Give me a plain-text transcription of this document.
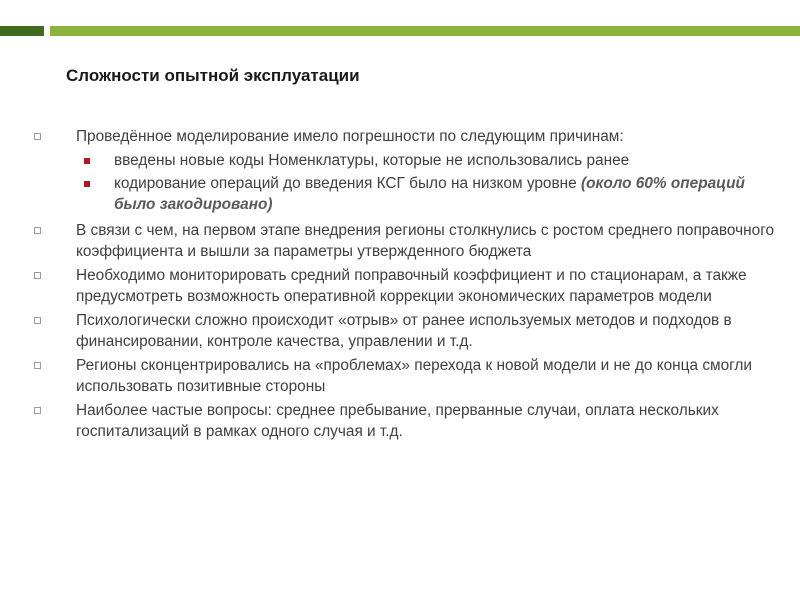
Сложности опытной эксплуатации
Проведённое моделирование имело погрешности по следующим причинам:
введены новые коды Номенклатуры, которые не использовались ранее
кодирование операций до введения КСГ было на низком уровне (около 60% операций было закодировано)
В связи с чем, на первом этапе внедрения регионы столкнулись с ростом среднего поправочного коэффициента и вышли за параметры утвержденного бюджета
Необходимо мониторировать средний поправочный коэффициент и по стационарам, а также предусмотреть возможность оперативной коррекции экономических параметров модели
Психологически сложно происходит «отрыв» от ранее используемых методов и подходов в финансировании, контроле качества, управлении и т.д.
Регионы сконцентрировались на «проблемах» перехода к новой модели и не до конца смогли использовать позитивные стороны
Наиболее частые вопросы: среднее пребывание, прерванные случаи, оплата нескольких госпитализаций в рамках одного случая и т.д.
